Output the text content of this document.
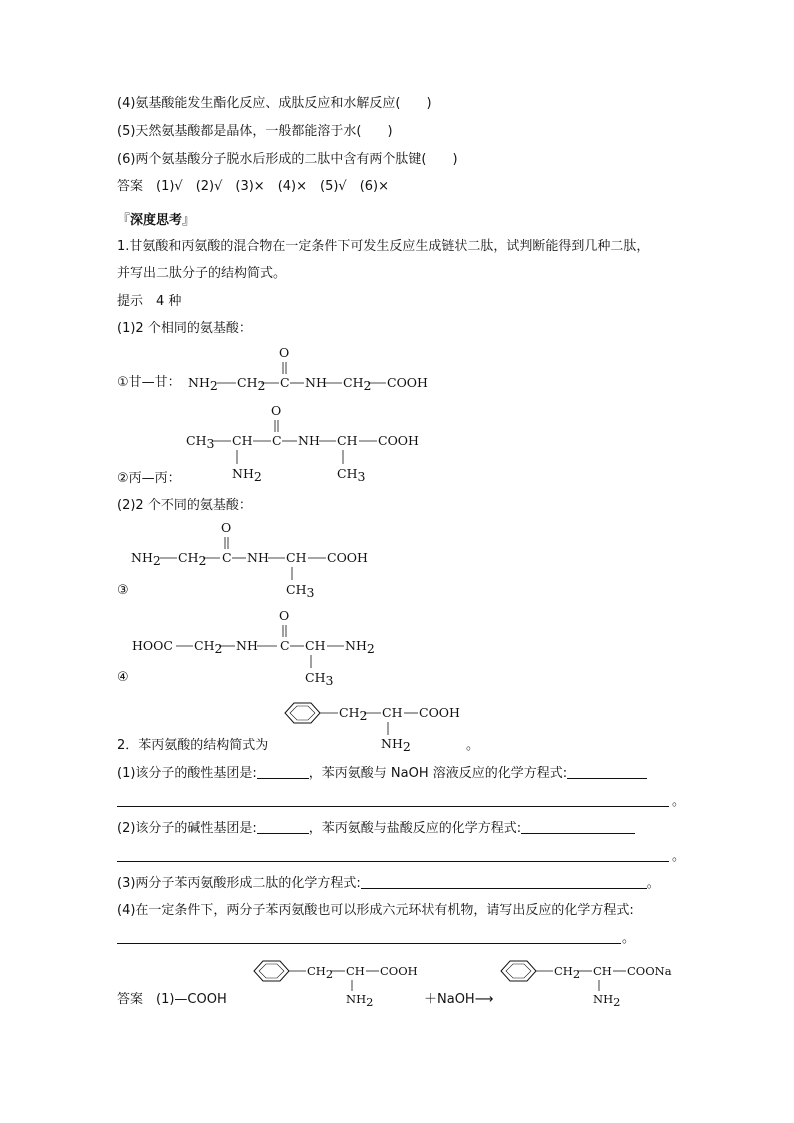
(4)氨基酸能发生酯化反应、成肽反应和水解反应(　　)
(5)天然氨基酸都是晶体，一般都能溶于水(　　)
(6)两个氨基酸分子脱水后形成的二肽中含有两个肽键(　　)
答案　(1)√　(2)√　(3)×　(4)×　(5)√　(6)×
『深度思考』
1.甘氨酸和丙氨酸的混合物在一定条件下可发生反应生成链状二肽，试判断能得到几种二肽，
并写出二肽分子的结构简式。
提示　4 种
(1)2 个相同的氨基酸：
①甘—甘：
O
NH2 CH2 C NH CH2 COOH
O
CH3 CH
NH2
C NH CH
CH3
COOH
②丙—丙：
(2)2 个不同的氨基酸：
O
NH2 CH2 C NH CH
CH3
COOH
③
O
HOOC CH2 NH C CH
CH3
NH2
④
CH2 CH
NH2
COOH
2．苯丙氨酸的结构简式为	。
(1)该分子的酸性基团是:	，苯丙氨酸与 NaOH 溶液反应的化学方程式:
。
(2)该分子的碱性基团是:	，苯丙氨酸与盐酸反应的化学方程式:
。
(3)两分子苯丙氨酸形成二肽的化学方程式:	。
(4)在一定条件下，两分子苯丙氨酸也可以形成六元环状有机物，请写出反应的化学方程式:
。
答案　(1)—COOH
CH2 CH
NH2
COOH
＋NaOH⟶
CH2 CH
NH2
COONa
